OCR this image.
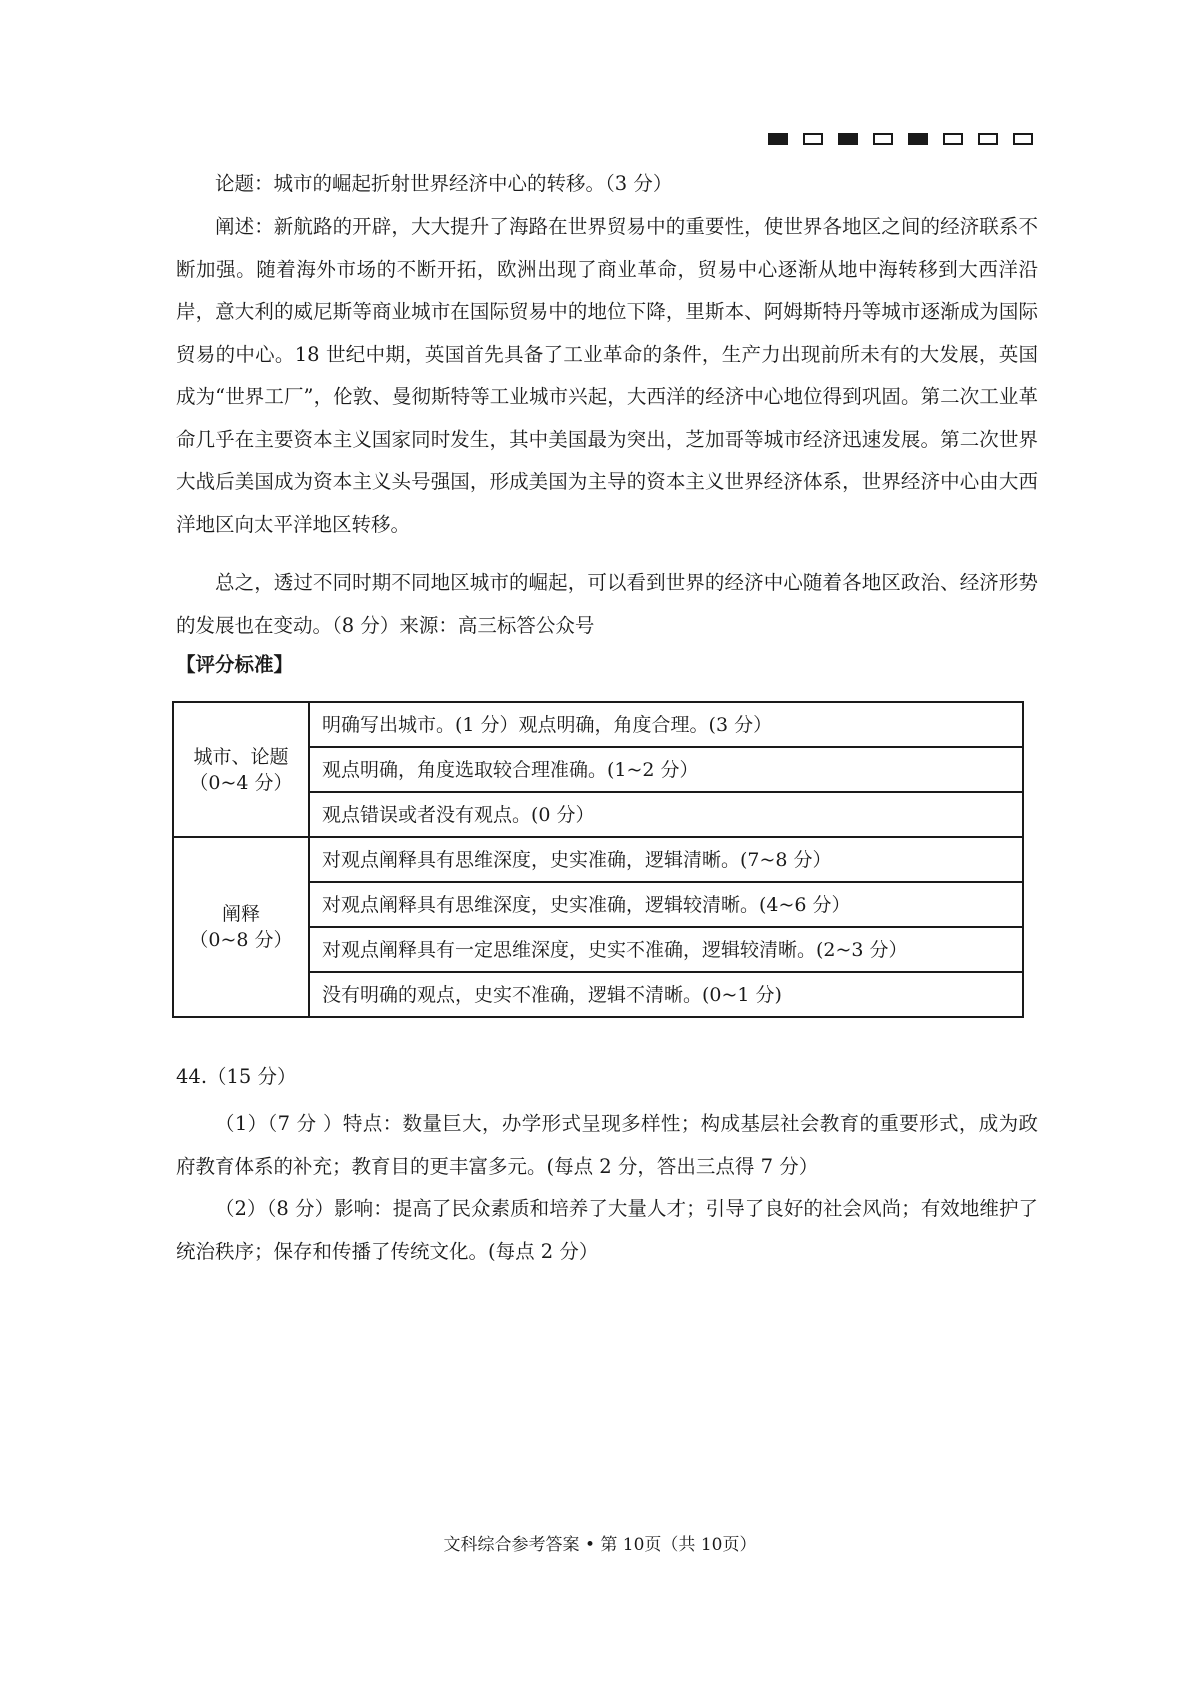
论题：城市的崛起折射世界经济中心的转移。（3 分）

阐述：新航路的开辟，大大提升了海路在世界贸易中的重要性，使世界各地区之间的经济联系不断加强。随着海外市场的不断开拓，欧洲出现了商业革命，贸易中心逐渐从地中海转移到大西洋沿岸，意大利的威尼斯等商业城市在国际贸易中的地位下降，里斯本、阿姆斯特丹等城市逐渐成为国际贸易的中心。18 世纪中期，英国首先具备了工业革命的条件，生产力出现前所未有的大发展，英国成为“世界工厂”，伦敦、曼彻斯特等工业城市兴起，大西洋的经济中心地位得到巩固。第二次工业革命几乎在主要资本主义国家同时发生，其中美国最为突出，芝加哥等城市经济迅速发展。第二次世界大战后美国成为资本主义头号强国，形成美国为主导的资本主义世界经济体系，世界经济中心由大西洋地区向太平洋地区转移。

总之，透过不同时期不同地区城市的崛起，可以看到世界的经济中心随着各地区政治、经济形势的发展也在变动。（8 分）来源：高三标答公众号

【评分标准】
城市、论题
（0~4 分）	明确写出城市。(1 分）观点明确，角度合理。(3 分）
	观点明确，角度选取较合理准确。(1~2 分）
	观点错误或者没有观点。(0 分）

阐释
（0~8 分）	对观点阐释具有思维深度，史实准确，逻辑清晰。(7~8 分）
	对观点阐释具有思维深度，史实准确，逻辑较清晰。(4~6 分）
	对观点阐释具有一定思维深度，史实不准确，逻辑较清晰。(2~3 分）
	没有明确的观点，史实不准确，逻辑不清晰。(0~1 分)
44.（15 分）

（1）（7 分 ）特点：数量巨大，办学形式呈现多样性；构成基层社会教育的重要形式，成为政府教育体系的补充；教育目的更丰富多元。(每点 2 分，答出三点得 7 分）

（2）（8 分）影响：提高了民众素质和培养了大量人才；引导了良好的社会风尚；有效地维护了统治秩序；保存和传播了传统文化。(每点 2 分）

文科综合参考答案 • 第 10页（共 10页）
